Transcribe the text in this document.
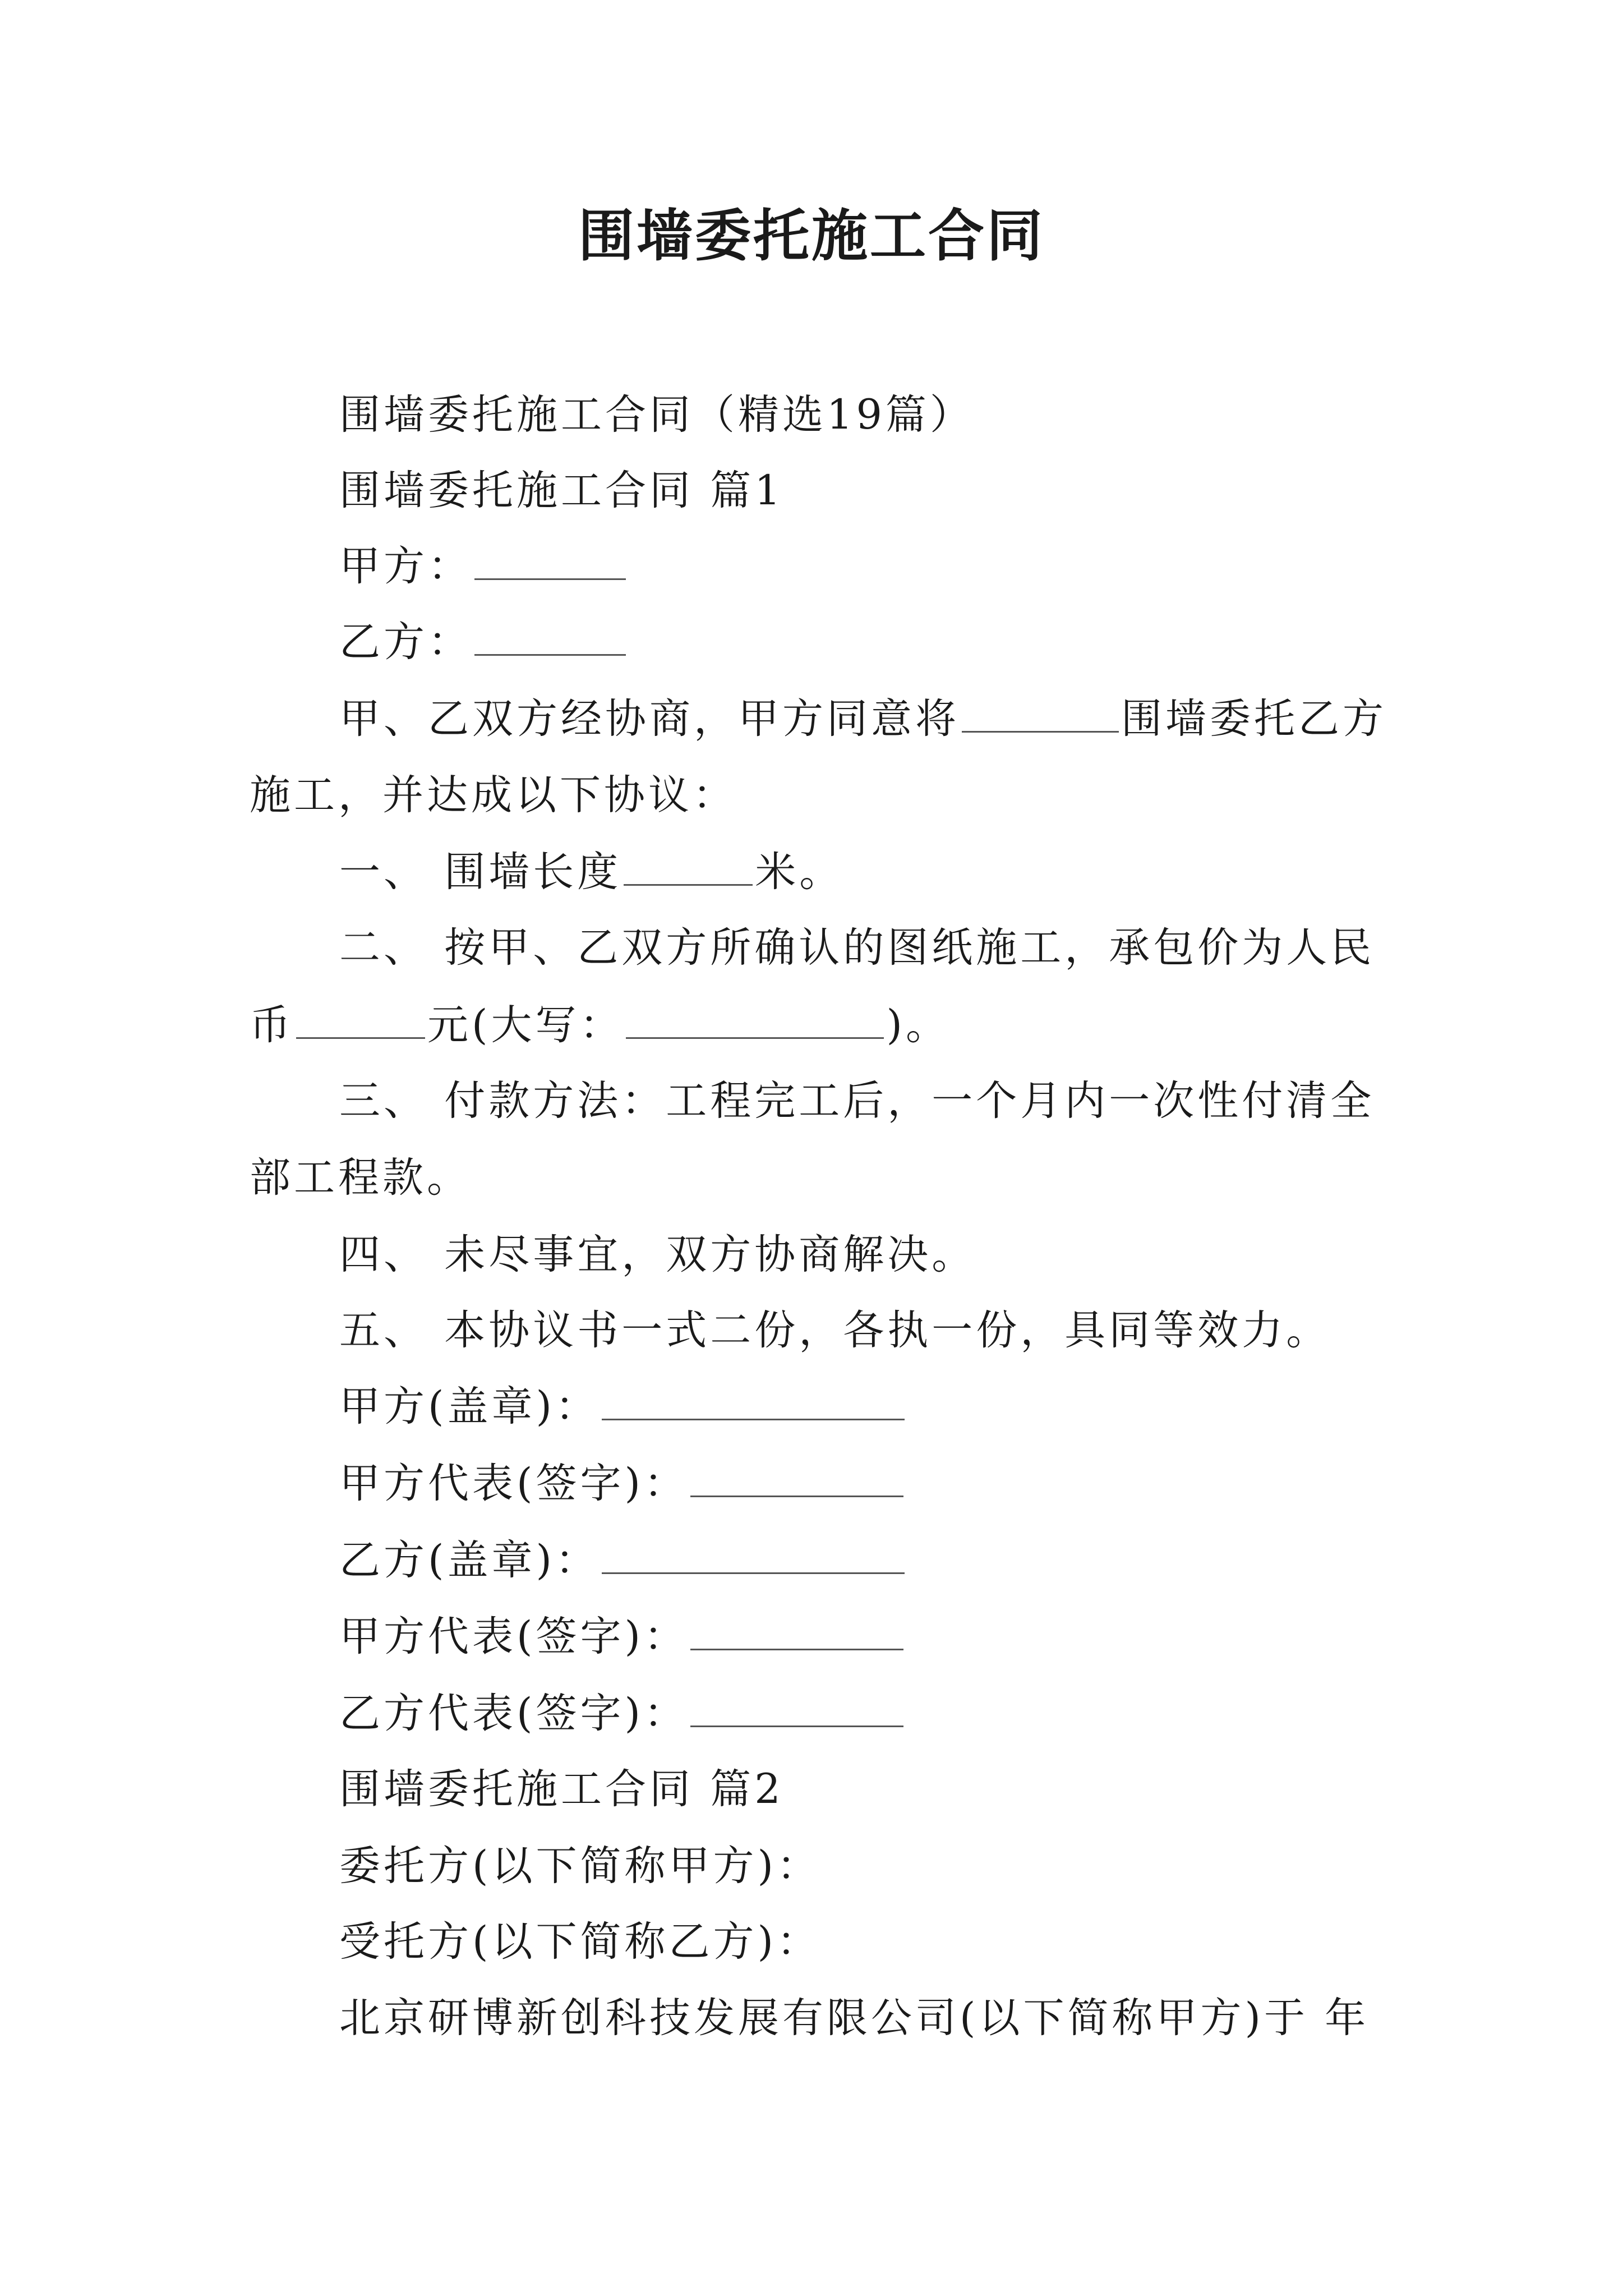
围墙委托施工合同
围墙委托施工合同（精选19篇）
围墙委托施工合同 篇1
甲方：
乙方：
甲、乙双方经协商，甲方同意将	围墙委托乙方
施工，并达成以下协议：
一、 围墙长度	米。
二、 按甲、乙双方所确认的图纸施工，承包价为人民
币	元(大写：	)。
三、 付款方法：工程完工后，一个月内一次性付清全
部工程款。
四、 未尽事宜，双方协商解决。
五、 本协议书一式二份，各执一份，具同等效力。
甲方(盖章)：
甲方代表(签字)：
乙方(盖章)：
甲方代表(签字)：
乙方代表(签字)：
围墙委托施工合同 篇2
委托方(以下简称甲方)：
受托方(以下简称乙方)：
北京研博新创科技发展有限公司(以下简称甲方)于 年
